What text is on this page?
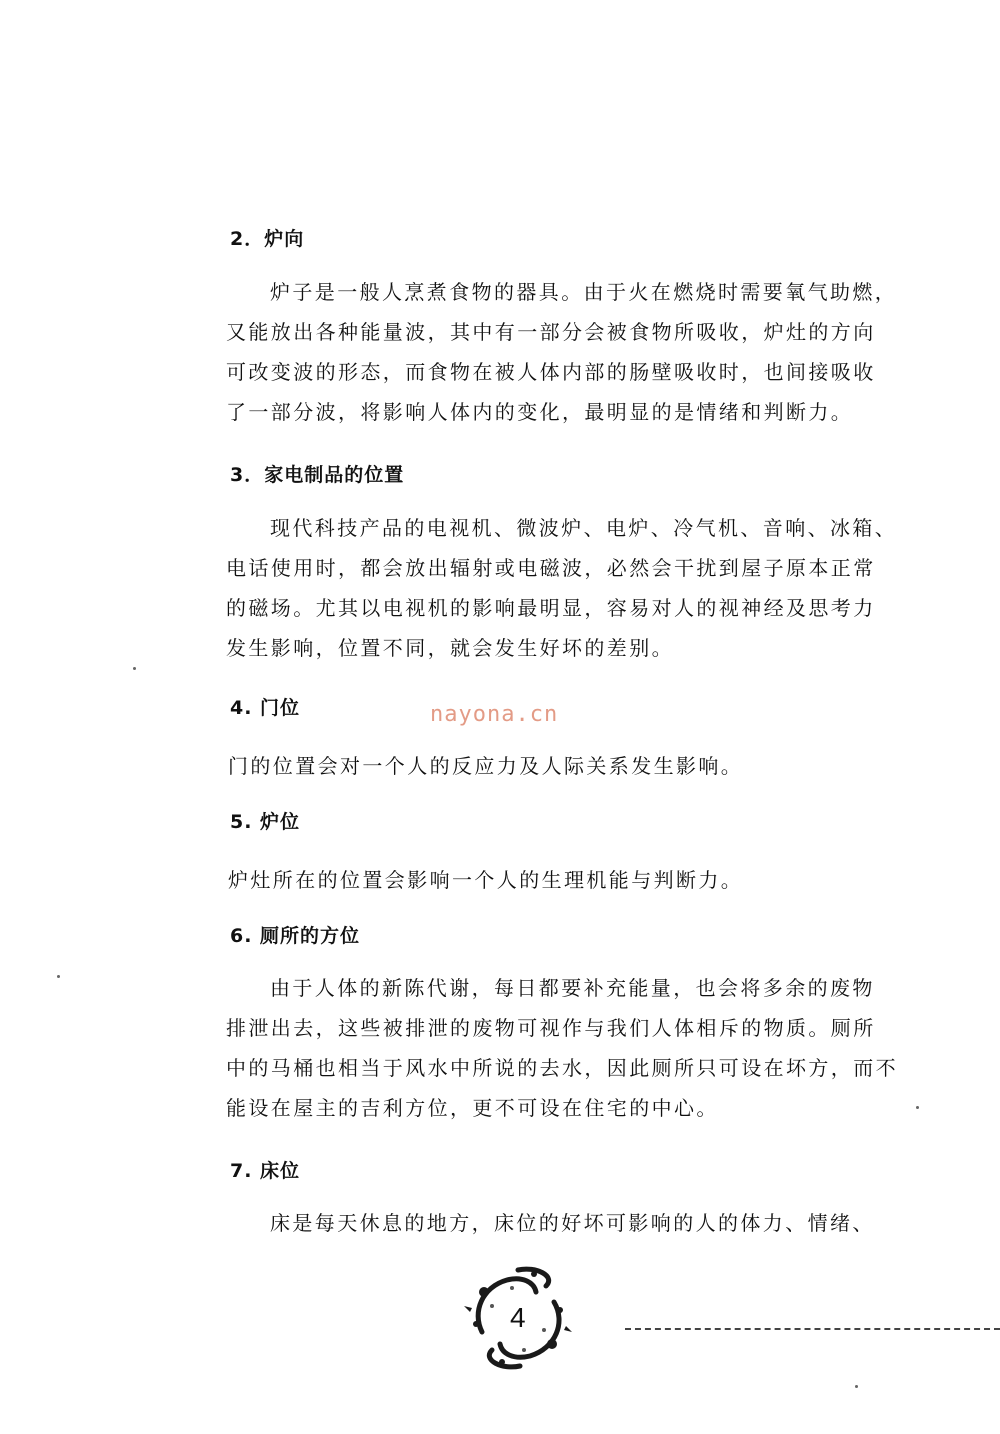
2．炉向
炉子是一般人烹煮食物的器具。由于火在燃烧时需要氧气助燃，
又能放出各种能量波，其中有一部分会被食物所吸收，炉灶的方向
可改变波的形态，而食物在被人体内部的肠壁吸收时，也间接吸收
了一部分波，将影响人体内的变化，最明显的是情绪和判断力。
3．家电制品的位置
现代科技产品的电视机、微波炉、电炉、冷气机、音响、冰箱、
电话使用时，都会放出辐射或电磁波，必然会干扰到屋子原本正常
的磁场。尤其以电视机的影响最明显，容易对人的视神经及思考力
发生影响，位置不同，就会发生好坏的差别。
4. 门位
门的位置会对一个人的反应力及人际关系发生影响。
nayona.cn
5. 炉位
炉灶所在的位置会影响一个人的生理机能与判断力。
6. 厕所的方位
由于人体的新陈代谢，每日都要补充能量，也会将多余的废物
排泄出去，这些被排泄的废物可视作与我们人体相斥的物质。厕所
中的马桶也相当于风水中所说的去水，因此厕所只可设在坏方，而不
能设在屋主的吉利方位，更不可设在住宅的中心。
7. 床位
床是每天休息的地方，床位的好坏可影响的人的体力、情绪、
4
